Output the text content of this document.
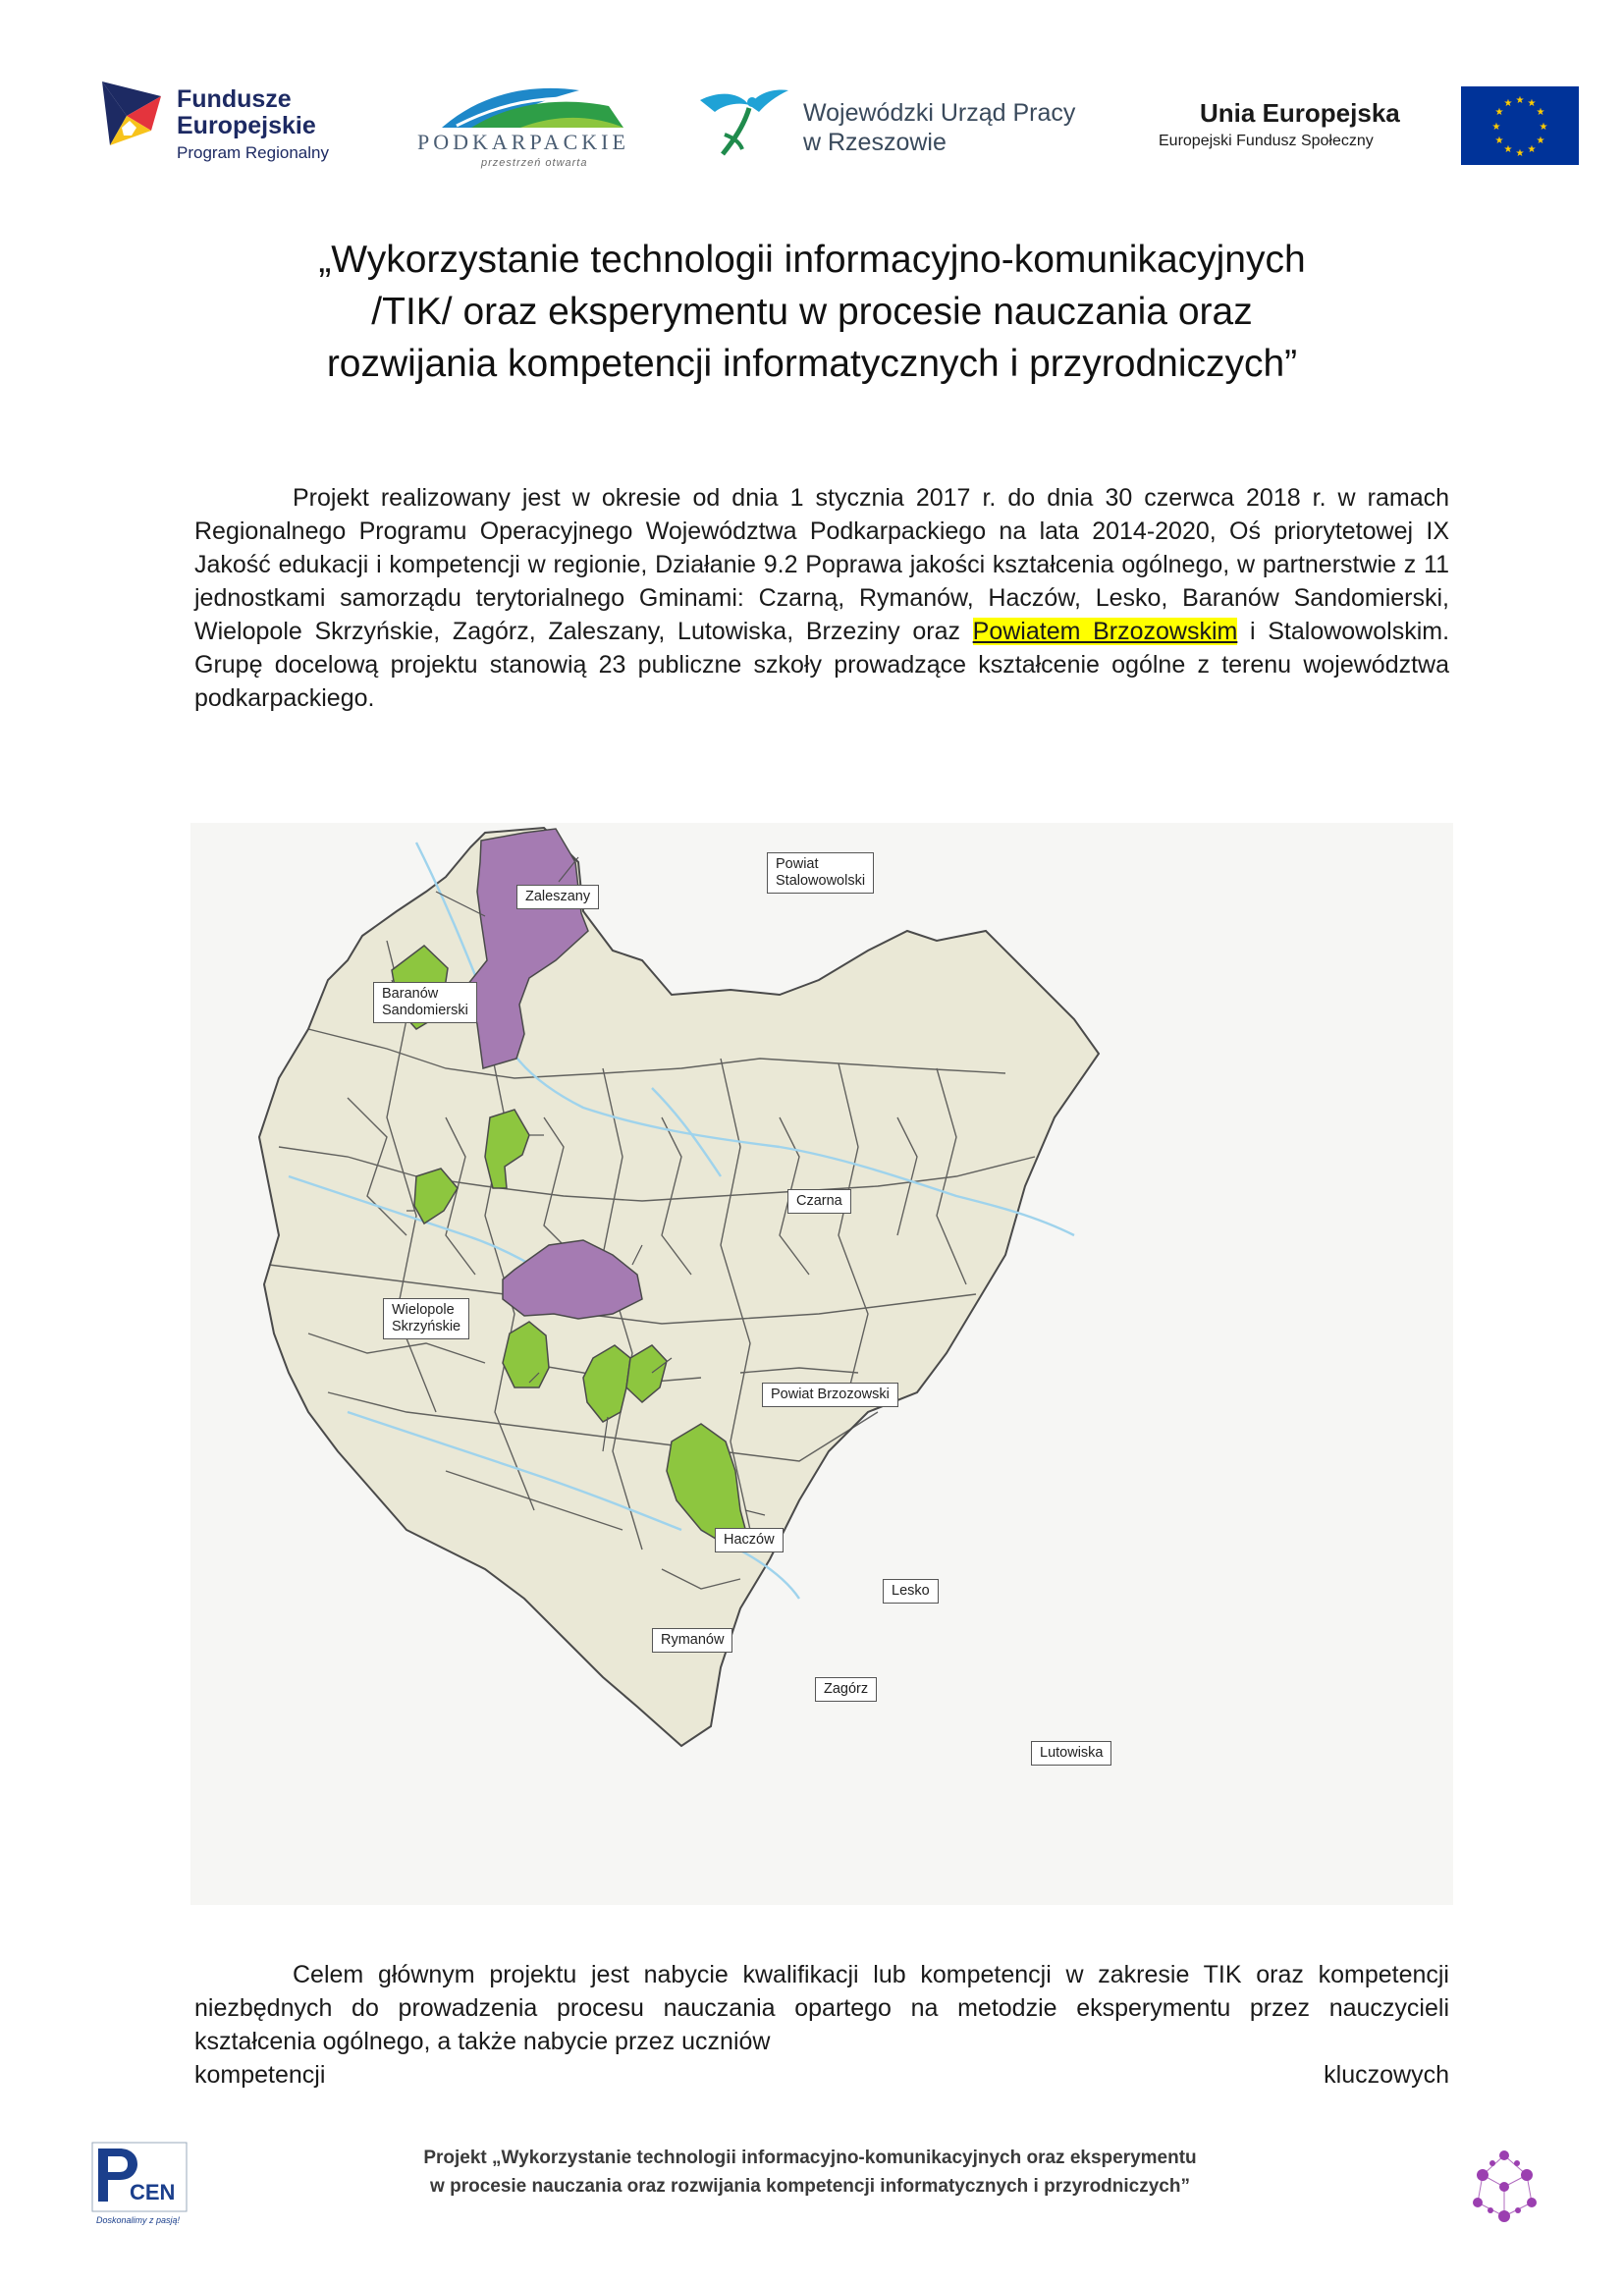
Fundusze
Europejskie
Program Regionalny	PODKARPACKIE
przestrzeń otwarta
Wojewódzki Urząd Pracy
w Rzeszowie
Unia Europejska
Europejski Fundusz Społeczny
★ ★
★
★
★
★
★
★
★
★
★
★
„Wykorzystanie technologii informacyjno-komunikacyjnych
/TIK/ oraz eksperymentu w procesie nauczania oraz
rozwijania kompetencji informatycznych i przyrodniczych”
Projekt realizowany jest w okresie od dnia 1 stycznia 2017 r. do dnia 30 czerwca 2018 r. w ramach Regionalnego Programu Operacyjnego Województwa Podkarpackiego na lata 2014-2020, Oś priorytetowej IX Jakość edukacji i kompetencji w regionie, Działanie 9.2 Poprawa jakości kształcenia ogólnego, w partnerstwie z 11 jednostkami samorządu terytorialnego Gminami: Czarną, Rymanów, Haczów, Lesko, Baranów Sandomierski, Wielopole Skrzyńskie, Zagórz, Zaleszany, Lutowiska, Brzeziny oraz Powiatem Brzozowskim i Stalowowolskim. Grupę docelową projektu stanowią 23 publiczne szkoły prowadzące kształcenie ogólne z terenu województwa podkarpackiego.
Zaleszany
Powiat
Stalowowolski
Baranów
Sandomierski
Czarna
Wielopole
Skrzyńskie
Powiat Brzozowski
Haczów
Lesko
Rymanów
Zagórz
Lutowiska
Celem głównym projektu jest nabycie kwalifikacji lub kompetencji w zakresie TIK oraz kompetencji niezbędnych do prowadzenia procesu nauczania opartego na metodzie eksperymentu przez nauczycieli kształcenia ogólnego, a także nabycie przez uczniów
kompetencji	kluczowych
CEN
Doskonalimy z pasją!
Projekt „Wykorzystanie technologii informacyjno-komunikacyjnych oraz eksperymentu
w procesie nauczania oraz rozwijania kompetencji informatycznych i przyrodniczych”
